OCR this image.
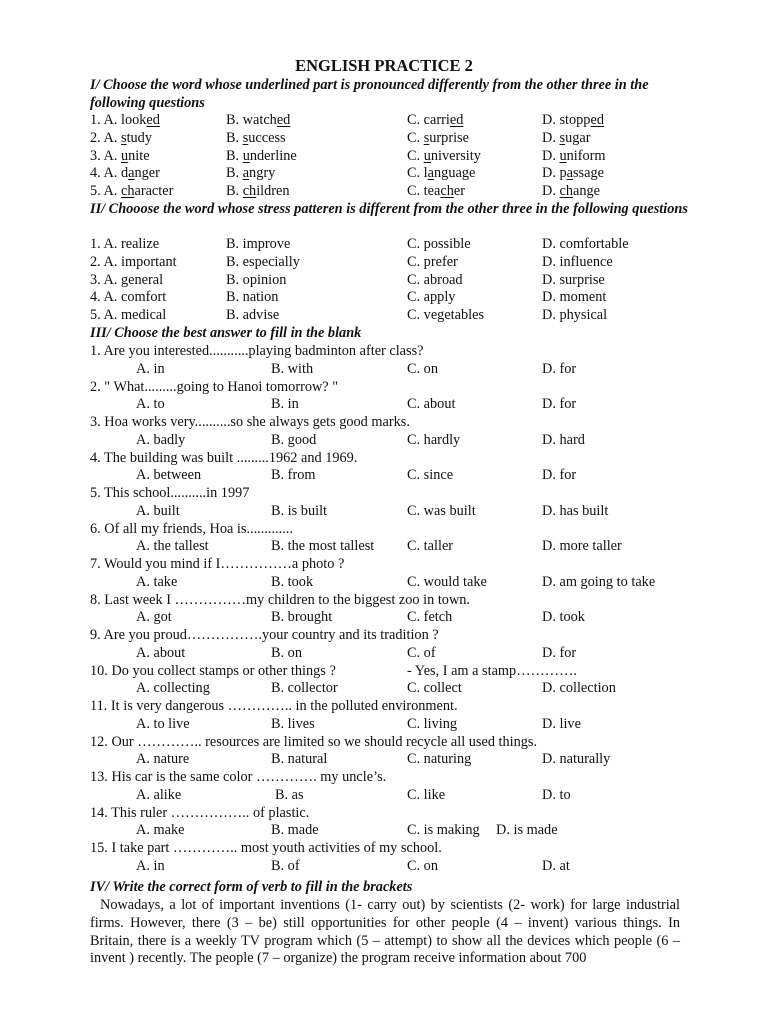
ENGLISH PRACTICE 2
I/ Choose the word whose underlined part is pronounced differently from the other three in the following questions
1. A. looked	B. watched	C. carried	D. stopped
2. A. study	B. success	C. surprise	D. sugar
3. A. unite	B. underline	C. university	D. uniform
4. A. danger	B. angry	C. language	D. passage
5. A. character	B. children	C. teacher	D. change
II/ Chooose the word whose stress patteren is different from the other three in the following questions
1. A. realize	B. improve	C. possible	D. comfortable
2. A. important	B. especially	C. prefer	D. influence
3. A. general	B. opinion	C. abroad	D. surprise
4. A. comfort	B. nation	C. apply	D. moment
5. A. medical	B. advise	C. vegetables	D. physical
III/ Choose the best answer to fill in the blank
1. Are you interested...........playing badminton after class?
A. in	B. with	C. on	D. for
2. " What.........going to Hanoi tomorrow? "
A. to	B. in	C. about	D. for
3. Hoa works very..........so she always gets good marks.
A. badly	B. good	C. hardly	D. hard
4. The building was built .........1962 and 1969.
A. between	B. from	C. since	D. for
5. This school..........in 1997
A. built	B. is built	C. was built	D. has built
6. Of all my friends, Hoa is.............
A. the tallest	B. the most tallest C. taller	D. more taller
7. Would you mind if I……………a photo ?
A. take	B. took	C. would take	D. am going to take
8. Last week I ……………my children to the biggest zoo in town.
A. got	B. brought	C. fetch	D. took
9. Are you proud…………….your country and its tradition ?
A. about	B. on	C. of	D. for
10. Do you collect stamps or other things ?	- Yes, I am a stamp………….
A. collecting	B. collector	C. collect	D. collection
11. It is very dangerous ………….. in the polluted environment.
A. to live	B. lives	C. living	D. live
12. Our ………….. resources are limited so we should recycle all used things.
A. nature	B. natural	C. naturing	D. naturally
13. His car is the same color …………. my uncle’s.
A. alike	B. as	C. like	D. to
14. This ruler …………….. of plastic.
A. make	B. made	C. is making D. is made
15. I take part ………….. most youth activities of my school.
A. in	B. of	C. on	D. at
IV/ Write the correct form of verb to fill in the brackets
Nowadays, a lot of important inventions (1- carry out) by scientists (2- work) for large industrial firms. However, there (3 – be) still opportunities for other people (4 – invent) various things. In Britain, there is a weekly TV program which (5 – attempt) to show all the devices which people (6 – invent ) recently. The people (7 – organize) the program receive information about 700
